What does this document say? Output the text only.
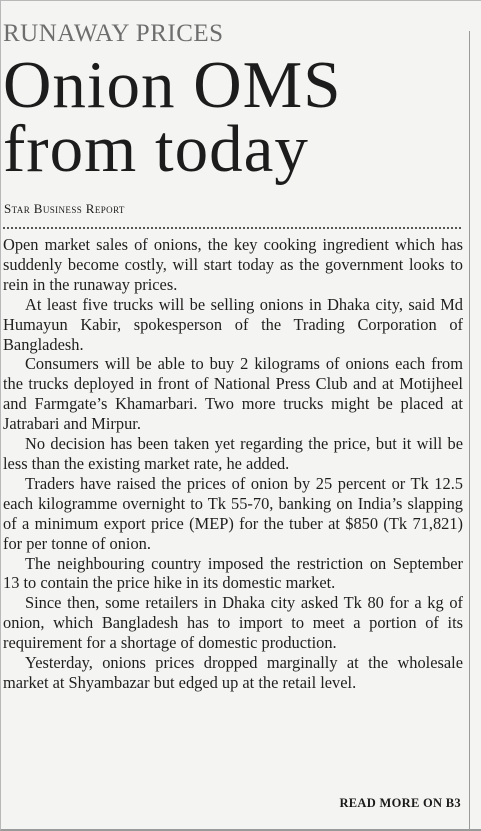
RUNAWAY PRICES
Onion OMS
from today
Star Business Report

Open market sales of onions, the key cooking ingredient which has suddenly become costly, will start today as the government looks to rein in the runaway prices.

At least five trucks will be selling onions in Dhaka city, said Md Humayun Kabir, spokesperson of the Trading Corporation of Bangladesh.

Consumers will be able to buy 2 kilograms of onions each from the trucks deployed in front of National Press Club and at Motijheel and Farmgate’s Khamarbari. Two more trucks might be placed at Jatrabari and Mirpur.

No decision has been taken yet regarding the price, but it will be less than the existing market rate, he added.

Traders have raised the prices of onion by 25 percent or Tk 12.5 each kilogramme overnight to Tk 55-70, banking on India’s slapping of a minimum export price (MEP) for the tuber at $850 (Tk 71,821) for per tonne of onion.

The neighbouring country imposed the restriction on September 13 to contain the price hike in its domestic market.

Since then, some retailers in Dhaka city asked Tk 80 for a kg of onion, which Bangladesh has to import to meet a portion of its requirement for a shortage of domestic production.

Yesterday, onions prices dropped marginally at the wholesale market at Shyambazar but edged up at the retail level.

READ MORE ON B3
